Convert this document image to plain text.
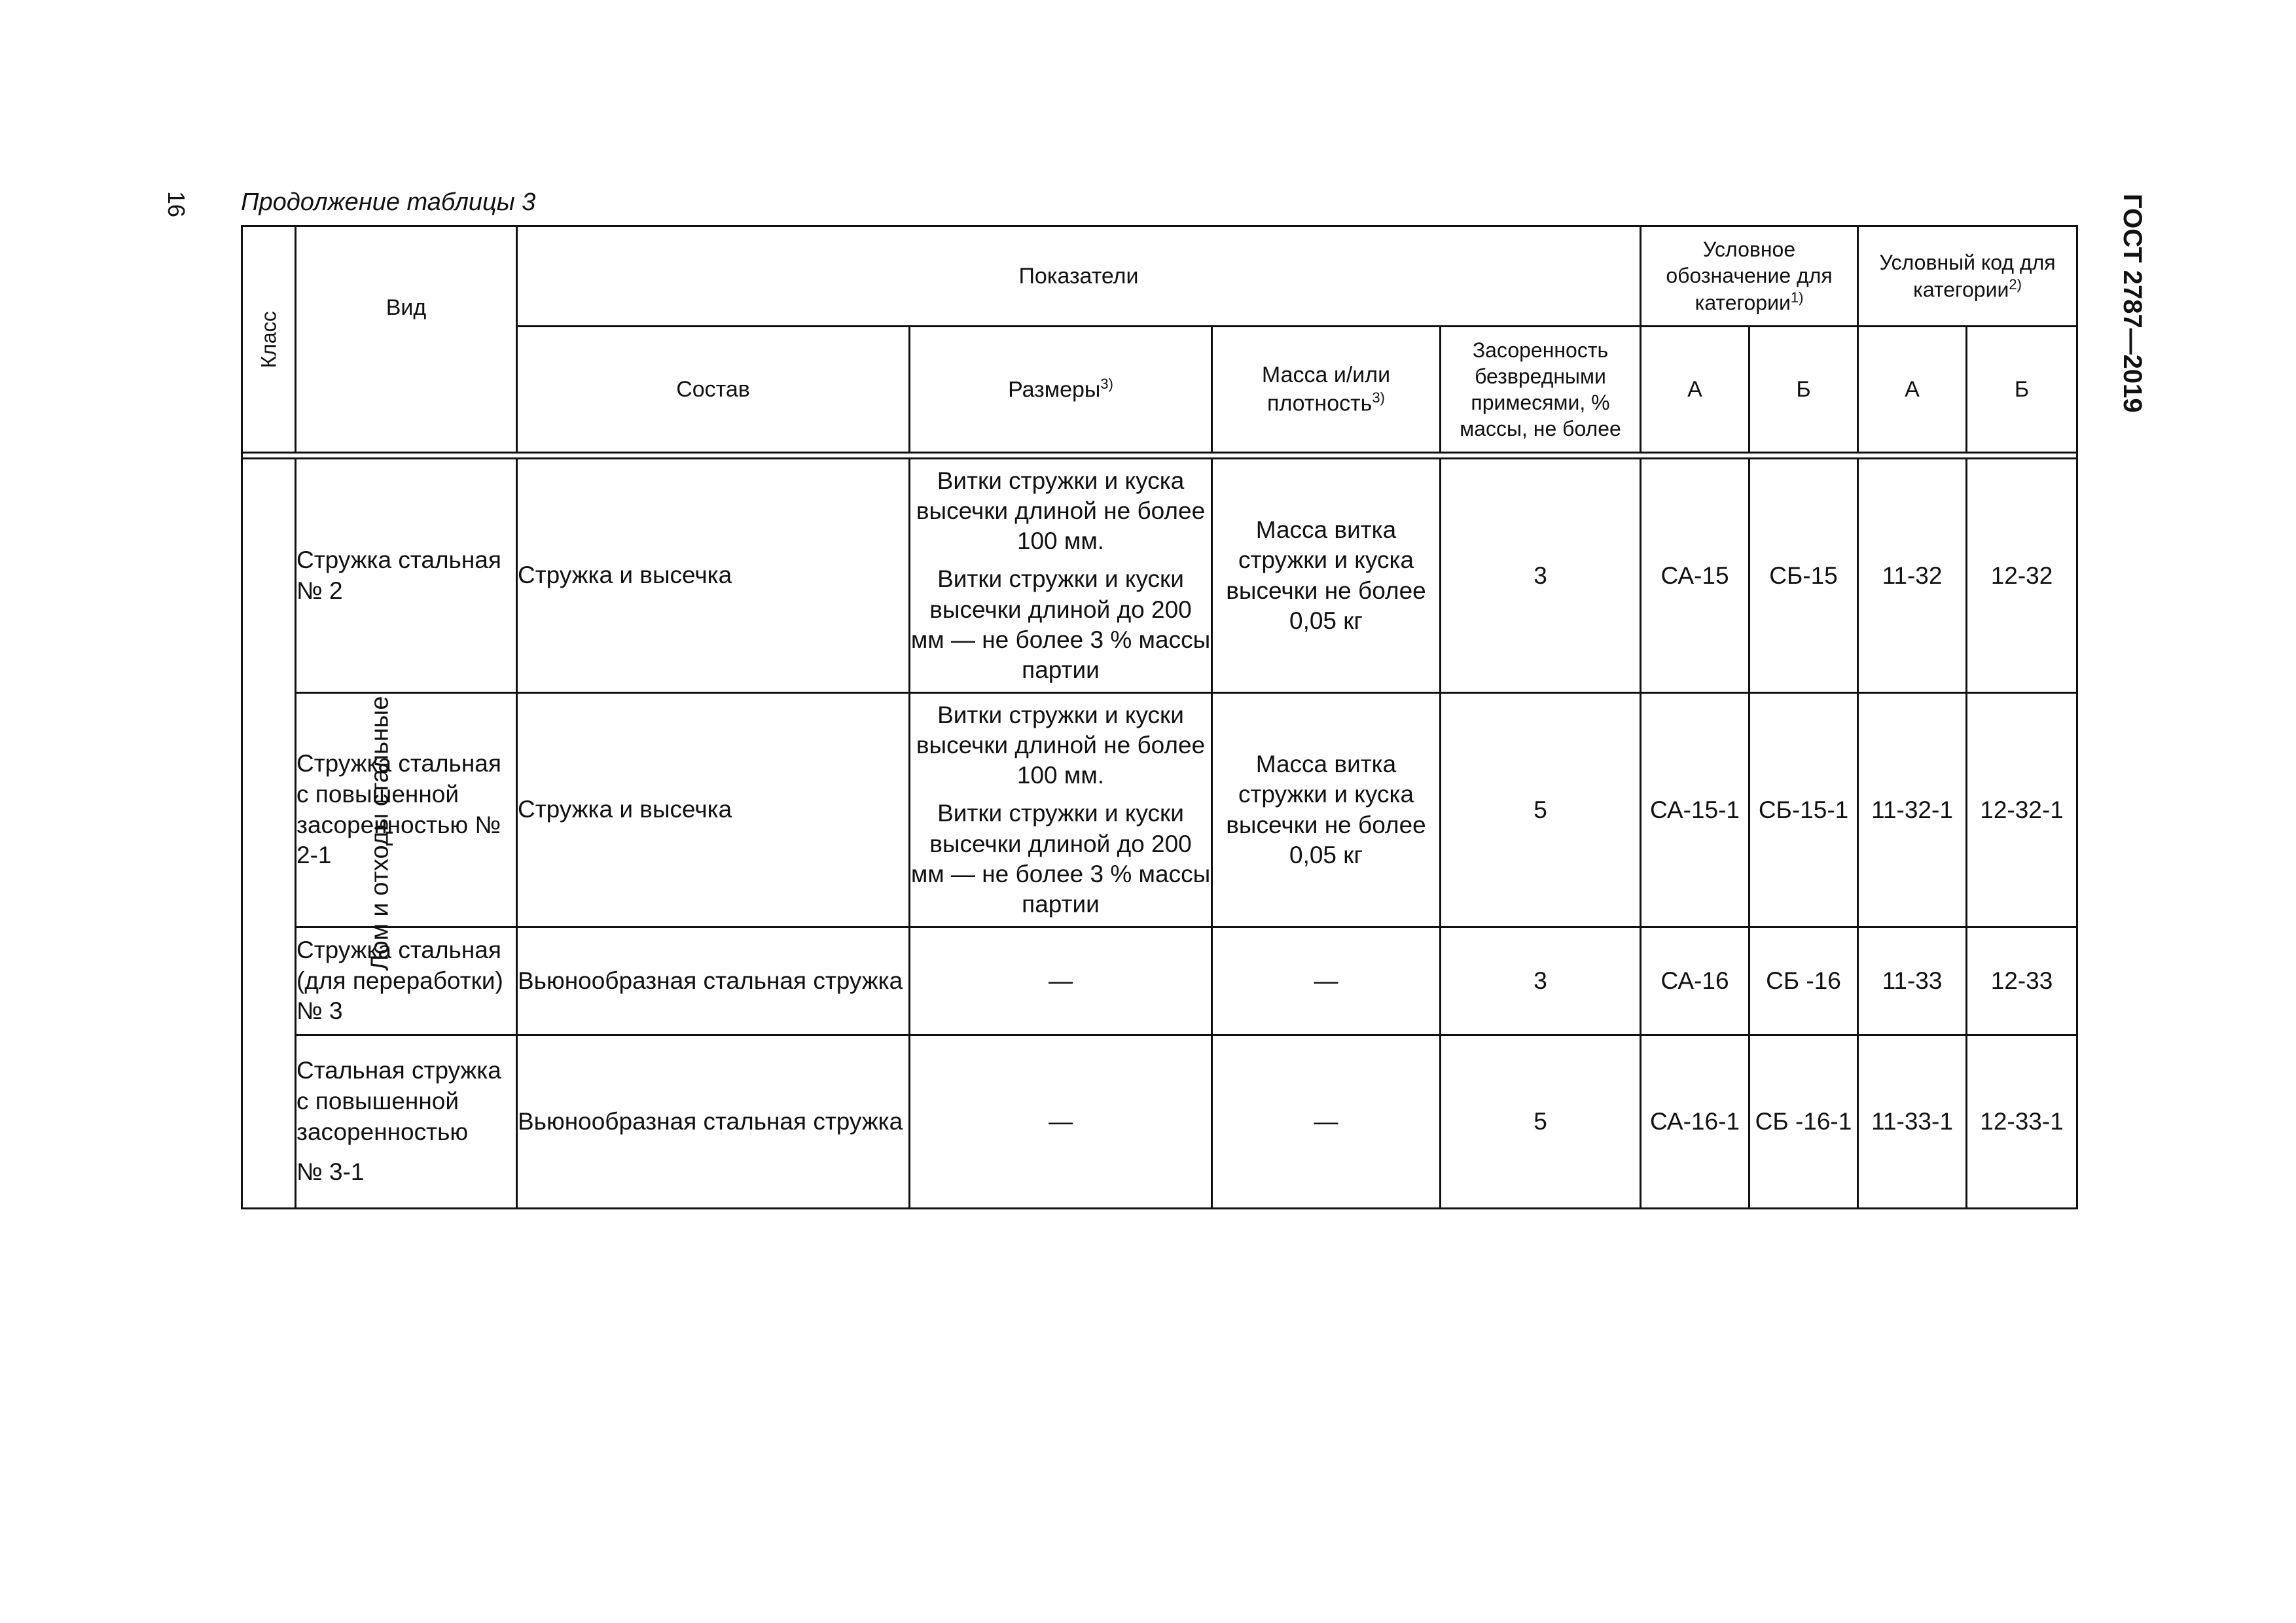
16 Продолжение таблицы 3	ГОСТ 2787—2019
Класс	Вид	Показатели				Условное обозначение для категории$^{1)}$		Условный код для категории$^{2)}$

Состав	Размеры$^{3)}$	Масса и/или плотность$^{3)}$	Засоренность безвредными примесями, % массы, не более	А	Б	А	Б

Лом и отходы стальные	Стружка стальная № 2	Стружка и высечка	Витки стружки и куска высечки длиной не более 100 мм.

Витки стружки и куски высечки длиной до 200 мм — не более 3 % массы партии	Масса витка стружки и куска высечки не более 0,05 кг	3	СА-15	СБ-15	11-32	12-32
	Стружка стальная с повышенной засоренностью № 2-1	Стружка и высечка	Витки стружки и куски высечки длиной не более 100 мм.

Витки стружки и куски высечки длиной до 200 мм — не более 3 % массы партии	Масса витка стружки и куска высечки не более 0,05 кг	5	СА-15-1	СБ-15-1	11-32-1	12-32-1
	Стружка стальная (для переработки) № 3	Вьюнообразная стальная стружка	—	—	3	СА-16	СБ -16	11-33	12-33

	Стальная стружка с повышенной засоренностью
№ 3-1	Вьюнообразная стальная стружка	—	—	5	СА-16-1	СБ -16-1	11-33-1	12-33-1
